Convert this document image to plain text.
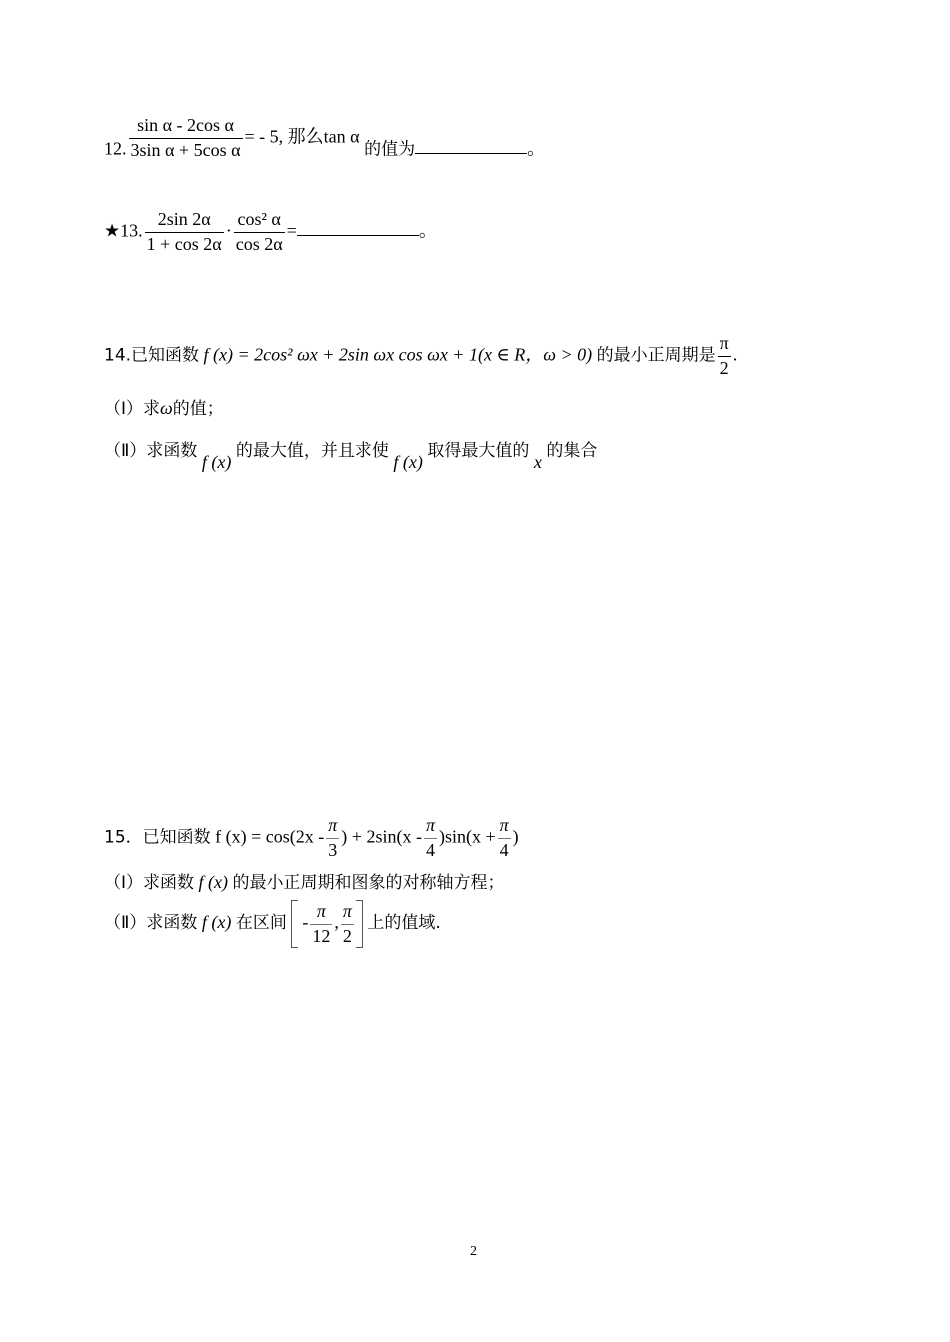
12. $\frac{\text{sin α - 2cos α}}{\text{3sin α + 5cos α}}$ = - 5, 那么tan α 的值为	。
★13. $\frac{2\sin 2\alpha}{1 + \cos 2\alpha} \cdot \frac{\text{cos² α}}{\cos 2\alpha}$ =	。
14.已知函数 f (x) = 2cos² ωx + 2sin ωx cos ωx + 1(x ∈ R，ω > 0) 的最小正周期是 $\frac{\pi}{2}$ .
（Ⅰ）求ω的值；
（Ⅱ）求函数 f (x) 的最大值，并且求使 f (x) 取得最大值的 x 的集合
15．已知函数 f $(x) = \cos(2x - \frac{\pi}{3}$ ) + $2\sin(x - \frac{\pi}{4} )\sin(x + \frac{\pi}{4}$ )
（Ⅰ）求函数 f (x) 的最小正周期和图象的对称轴方程；
（Ⅱ）求函数 f (x) 在区间 - $\frac{\pi}{12}$ , $\frac{\pi}{2}$ 上的值域.
2
